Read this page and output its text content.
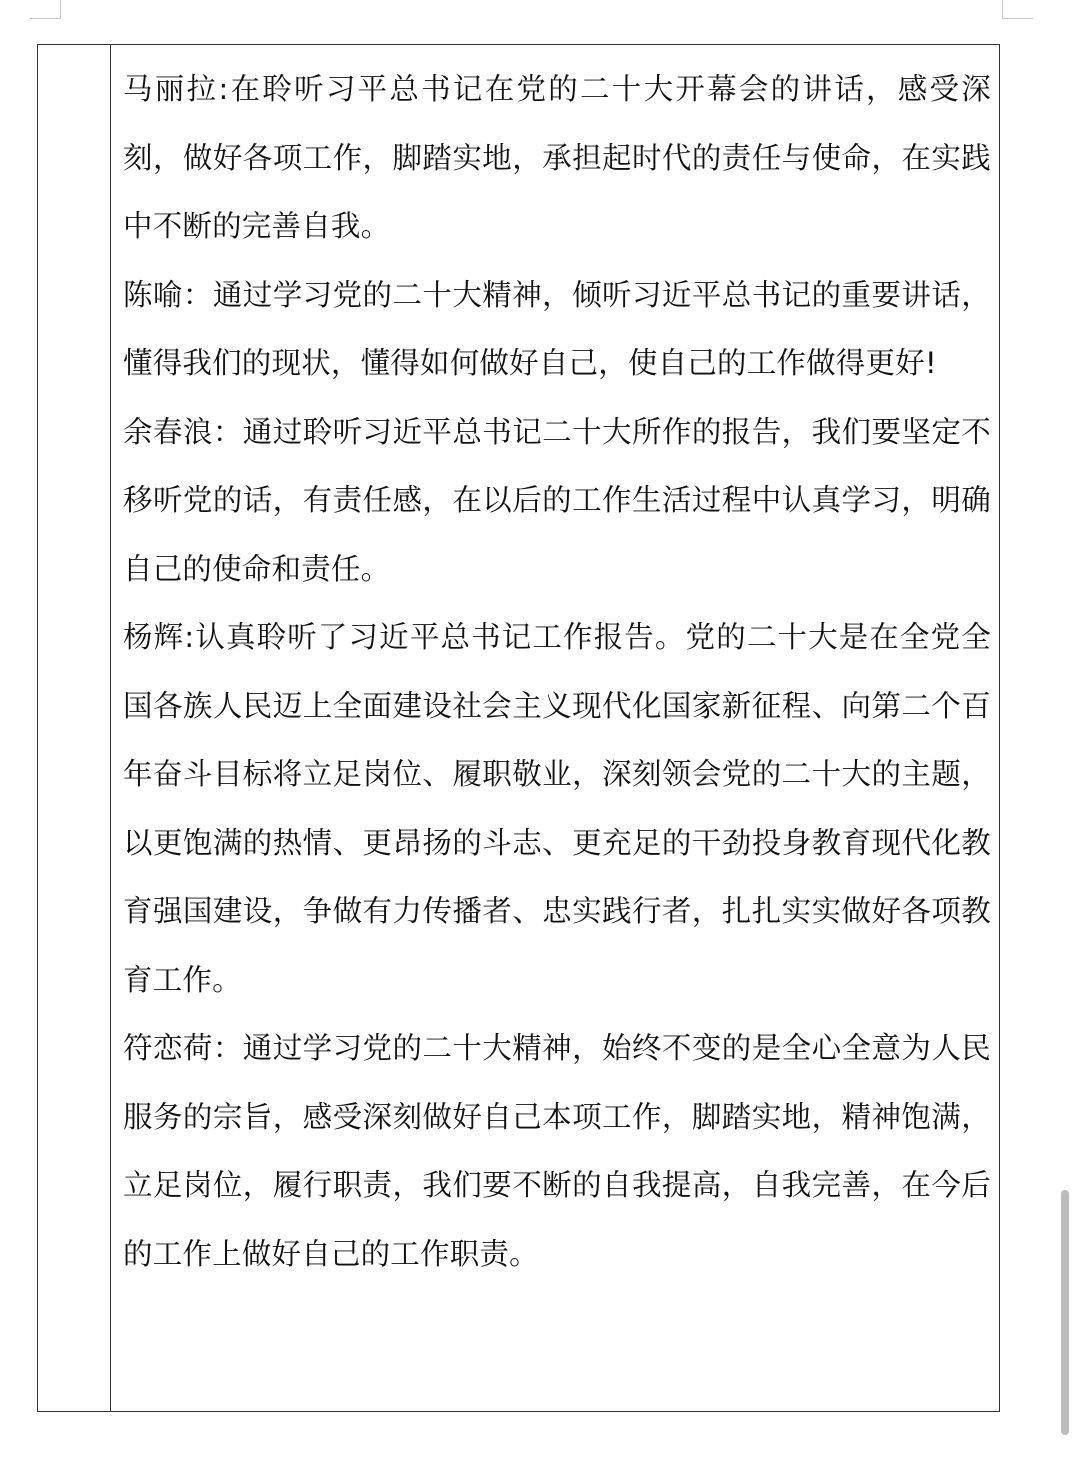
马丽拉:在聆听习平总书记在党的二十大开幕会的讲话，感受深刻，做好各项工作，脚踏实地，承担起时代的责任与使命，在实践中不断的完善自我。

陈喻：通过学习党的二十大精神，倾听习近平总书记的重要讲话，懂得我们的现状，懂得如何做好自己，使自己的工作做得更好!

余春浪：通过聆听习近平总书记二十大所作的报告，我们要坚定不移听党的话，有责任感，在以后的工作生活过程中认真学习，明确自己的使命和责任。

杨辉:认真聆听了习近平总书记工作报告。党的二十大是在全党全国各族人民迈上全面建设社会主义现代化国家新征程、向第二个百年奋斗目标将立足岗位、履职敬业，深刻领会党的二十大的主题，以更饱满的热情、更昂扬的斗志、更充足的干劲投身教育现代化教育强国建设，争做有力传播者、忠实践行者，扎扎实实做好各项教育工作。

符恋荷：通过学习党的二十大精神，始终不变的是全心全意为人民服务的宗旨，感受深刻做好自己本项工作，脚踏实地，精神饱满，立足岗位，履行职责，我们要不断的自我提高，自我完善，在今后的工作上做好自己的工作职责。
